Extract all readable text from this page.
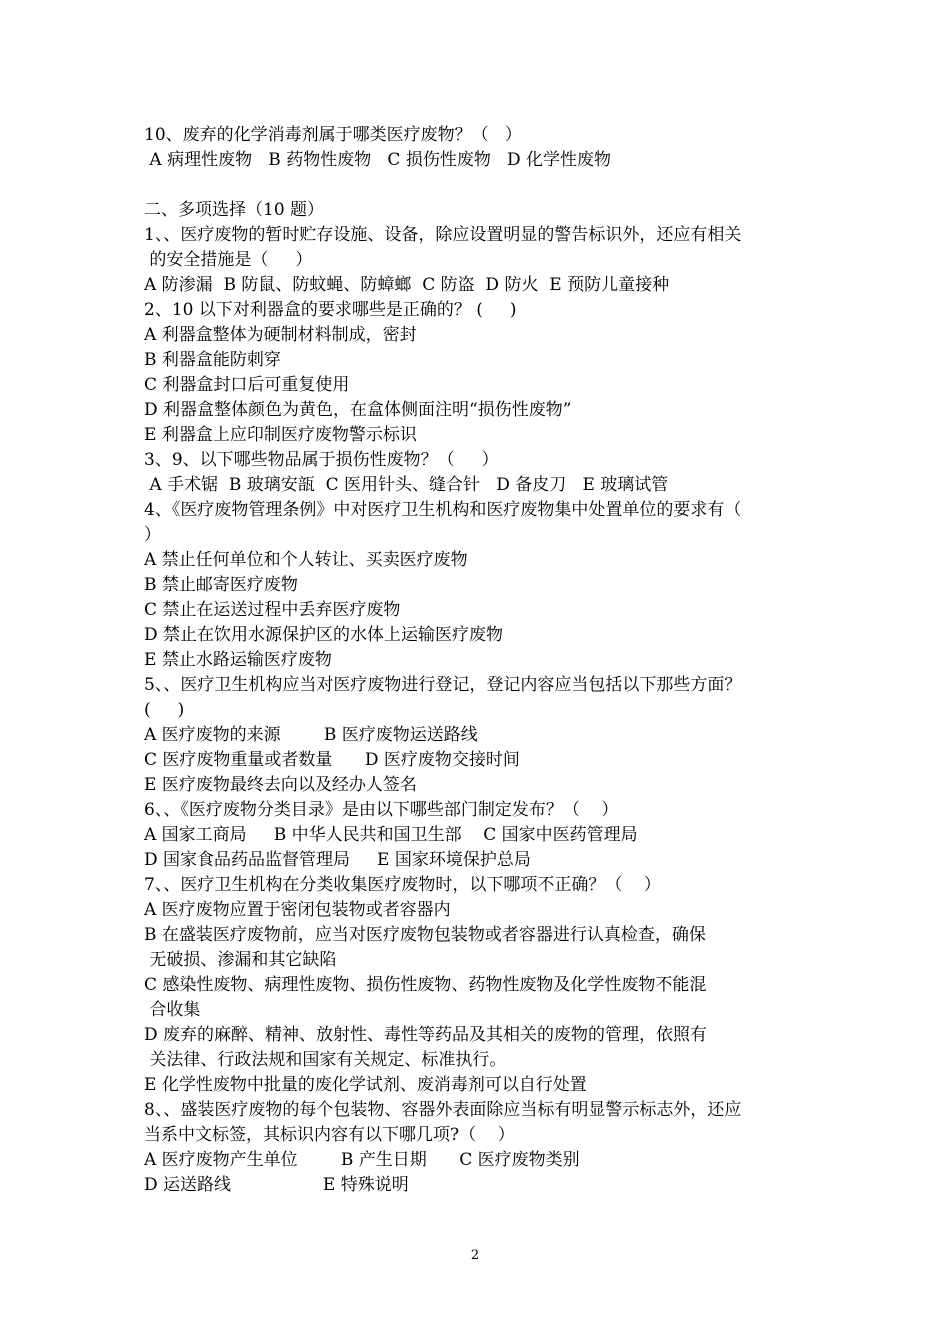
10、废弃的化学消毒剂属于哪类医疗废物？（   ）
A 病理性废物   B 药物性废物   C 损伤性废物   D 化学性废物
二、多项选择（10 题）
1、、医疗废物的暂时贮存设施、设备，除应设置明显的警告标识外，还应有相关
的安全措施是（     ）
A 防渗漏  B 防鼠、防蚊蝇、防蟑螂  C 防盗  D 防火  E 预防儿童接种
2、10 以下对利器盒的要求哪些是正确的？ (     )
A 利器盒整体为硬制材料制成，密封
B 利器盒能防刺穿
C 利器盒封口后可重复使用
D 利器盒整体颜色为黄色，在盒体侧面注明“损伤性废物”
E 利器盒上应印制医疗废物警示标识
3、9、以下哪些物品属于损伤性废物？（     ）
A 手术锯  B 玻璃安瓿  C 医用针头、缝合针   D 备皮刀   E 玻璃试管
4、《医疗废物管理条例》中对医疗卫生机构和医疗废物集中处置单位的要求有（
）
A 禁止任何单位和个人转让、买卖医疗废物
B 禁止邮寄医疗废物
C 禁止在运送过程中丢弃医疗废物
D 禁止在饮用水源保护区的水体上运输医疗废物
E 禁止水路运输医疗废物
5、、医疗卫生机构应当对医疗废物进行登记，登记内容应当包括以下那些方面？
(     )
A 医疗废物的来源        B 医疗废物运送路线
C 医疗废物重量或者数量      D 医疗废物交接时间
E 医疗废物最终去向以及经办人签名
6、、《医疗废物分类目录》是由以下哪些部门制定发布？（    ）
A 国家工商局     B 中华人民共和国卫生部    C 国家中医药管理局
D 国家食品药品监督管理局     E 国家环境保护总局
7、、医疗卫生机构在分类收集医疗废物时，以下哪项不正确？（    ）
A 医疗废物应置于密闭包装物或者容器内
B 在盛装医疗废物前，应当对医疗废物包装物或者容器进行认真检查，确保
无破损、渗漏和其它缺陷
C 感染性废物、病理性废物、损伤性废物、药物性废物及化学性废物不能混
合收集
D 废弃的麻醉、精神、放射性、毒性等药品及其相关的废物的管理，依照有
关法律、行政法规和国家有关规定、标准执行。
E 化学性废物中批量的废化学试剂、废消毒剂可以自行处置
8、、盛装医疗废物的每个包装物、容器外表面除应当标有明显警示标志外，还应
当系中文标签，其标识内容有以下哪几项?（    ）
A 医疗废物产生单位        B 产生日期      C 医疗废物类别
D 运送路线                 E 特殊说明
2
